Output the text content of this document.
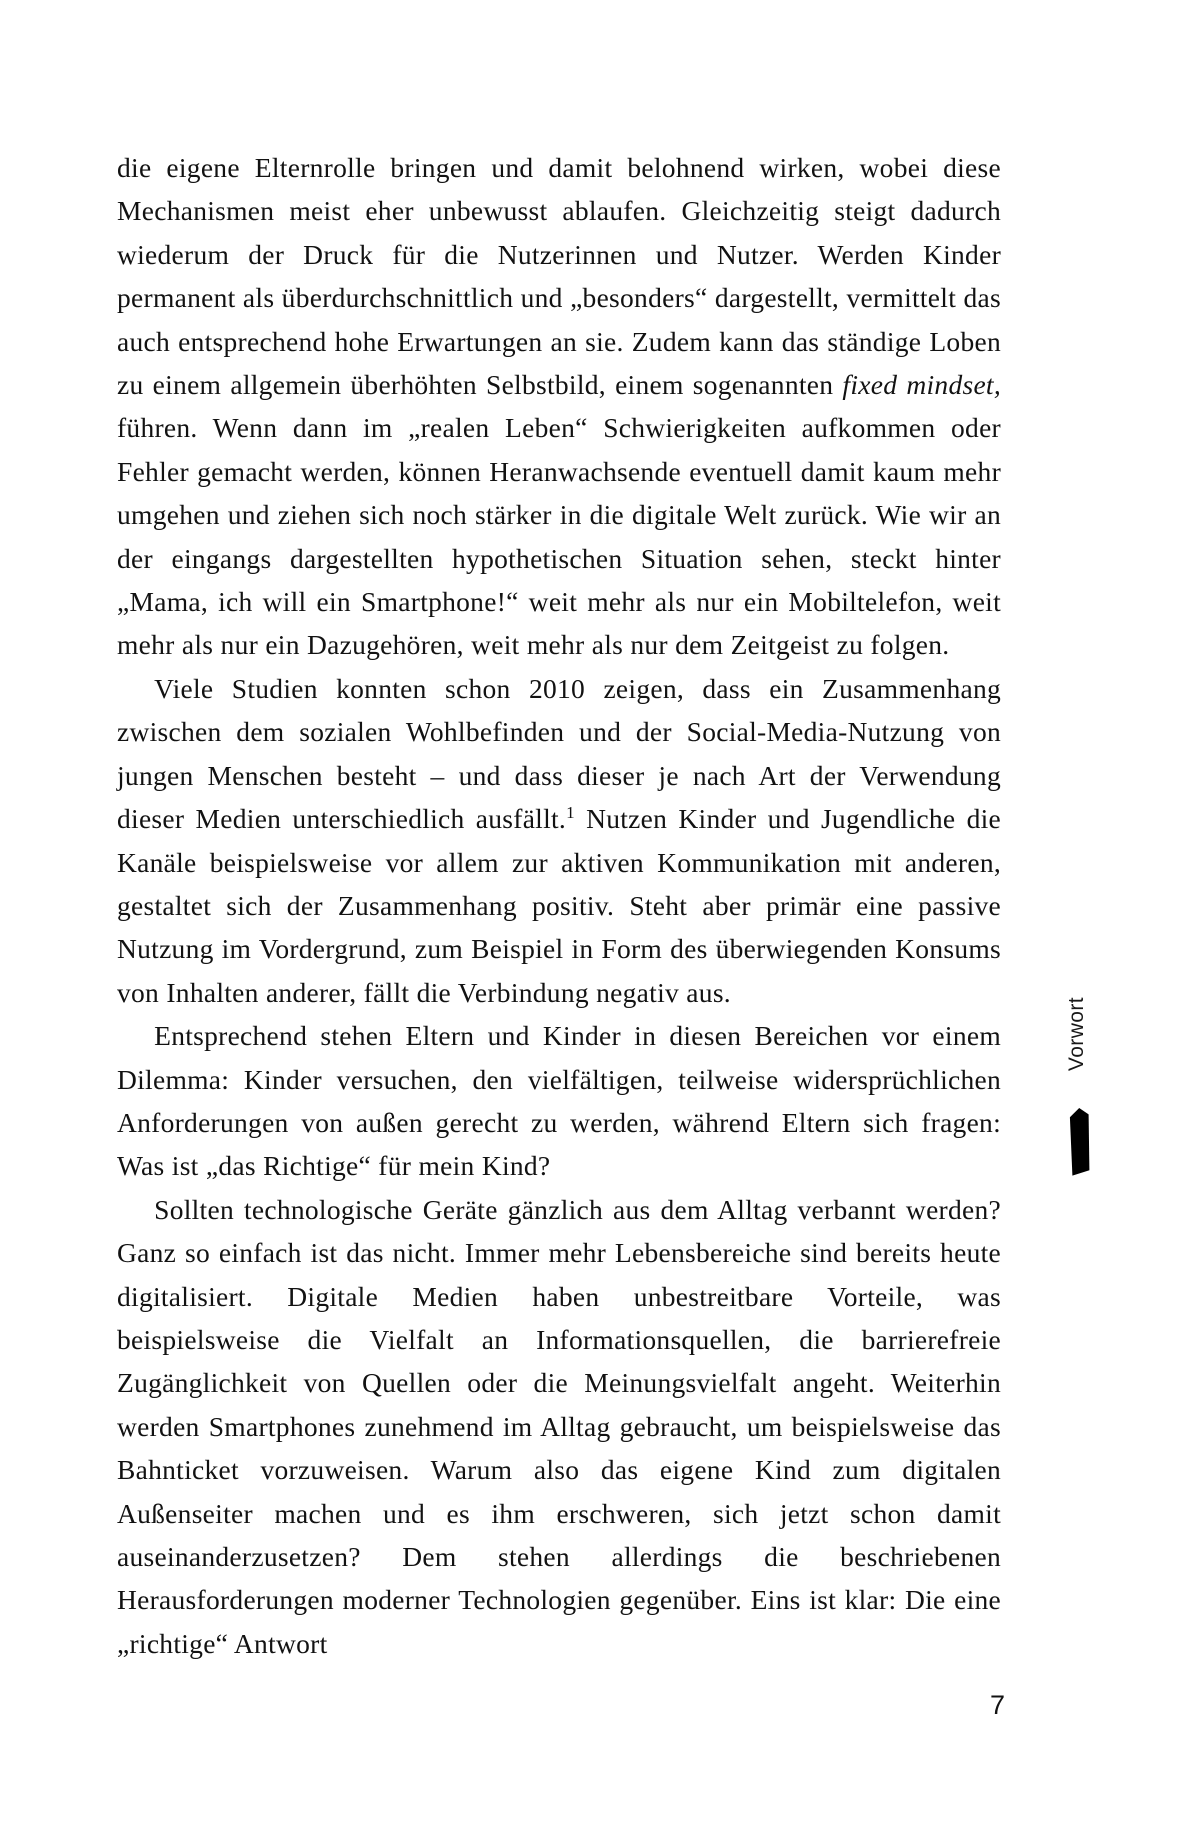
die eigene Elternrolle bringen und damit belohnend wirken, wobei diese Mechanismen meist eher unbewusst ablaufen. Gleichzeitig steigt dadurch wiederum der Druck für die Nutzerinnen und Nutzer. Werden Kinder permanent als überdurchschnittlich und „besonders“ dargestellt, vermittelt das auch entsprechend hohe Erwartungen an sie. Zudem kann das ständige Loben zu einem allgemein überhöhten Selbstbild, einem sogenannten fixed mindset, führen. Wenn dann im „realen Leben“ Schwierigkeiten aufkommen oder Fehler gemacht werden, können Heranwachsende eventuell damit kaum mehr umgehen und ziehen sich noch stärker in die digitale Welt zurück. Wie wir an der eingangs dargestellten hypothetischen Situation sehen, steckt hinter „Mama, ich will ein Smartphone!“ weit mehr als nur ein Mobiltelefon, weit mehr als nur ein Dazugehören, weit mehr als nur dem Zeitgeist zu folgen.

Viele Studien konnten schon 2010 zeigen, dass ein Zusammenhang zwischen dem sozialen Wohlbefinden und der Social-Media-Nutzung von jungen Menschen besteht – und dass dieser je nach Art der Verwendung dieser Medien unterschiedlich ausfällt.$^1$ Nutzen Kinder und Jugendliche die Kanäle beispielsweise vor allem zur aktiven Kommunikation mit anderen, gestaltet sich der Zusammenhang positiv. Steht aber primär eine passive Nutzung im Vordergrund, zum Beispiel in Form des überwiegenden Konsums von Inhalten anderer, fällt die Verbindung negativ aus.

Entsprechend stehen Eltern und Kinder in diesen Bereichen vor einem Dilemma: Kinder versuchen, den vielfältigen, teilweise widersprüchlichen Anforderungen von außen gerecht zu werden, während Eltern sich fragen: Was ist „das Richtige“ für mein Kind?

Sollten technologische Geräte gänzlich aus dem Alltag verbannt werden? Ganz so einfach ist das nicht. Immer mehr Lebensbereiche sind bereits heute digitalisiert. Digitale Medien haben unbestreitbare Vorteile, was beispielsweise die Vielfalt an Informationsquellen, die barrierefreie Zugänglichkeit von Quellen oder die Meinungsvielfalt angeht. Weiterhin werden Smartphones zunehmend im Alltag gebraucht, um beispielsweise das Bahnticket vorzuweisen. Warum also das eigene Kind zum digitalen Außenseiter machen und es ihm erschweren, sich jetzt schon damit auseinanderzusetzen? Dem stehen allerdings die beschriebenen Herausforderungen moderner Technologien gegenüber. Eins ist klar: Die eine „richtige“ Antwort

Vorwort
7
